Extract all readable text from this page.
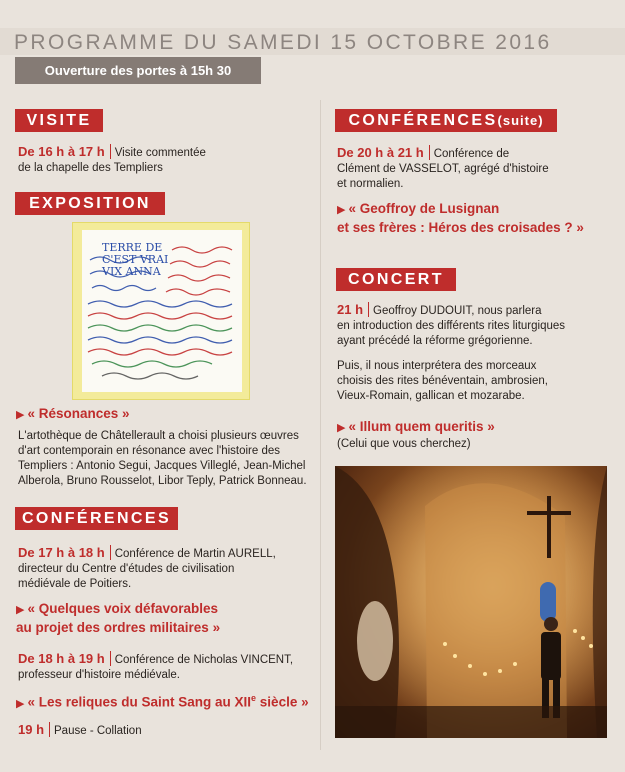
PROGRAMME DU SAMEDI 15 OCTOBRE 2016
Ouverture des portes à 15h 30
VISITE
De 16 h à 17 h Visite commentée
de la chapelle des Templiers
EXPOSITION
TERRE DE
C'EST VRAI
VIX ANNA
▶ « Résonances »
L'artothèque de Châtellerault a choisi plusieurs œuvres
d'art contemporain en résonance avec l'histoire des
Templiers : Antonio Segui, Jacques Villeglé, Jean-Michel
Alberola, Bruno Rousselot, Libor Teply, Patrick Bonneau.
CONFÉRENCES
De 17 h à 18 h Conférence de Martin AURELL,
directeur du Centre d'études de civilisation
médiévale de Poitiers.
▶ « Quelques voix défavorables
au projet des ordres militaires »
De 18 h à 19 h Conférence de Nicholas VINCENT,
professeur d'histoire médiévale.
▶ « Les reliques du Saint Sang au XIIe siècle »
19 h Pause - Collation
CONFÉRENCES(suite)
De 20 h à 21 h Conférence de
Clément de VASSELOT, agrégé d'histoire
et normalien.
▶ « Geoffroy de Lusignan
et ses frères : Héros des croisades ? »
CONCERT
21 h Geoffroy DUDOUIT, nous parlera
en introduction des différents rites liturgiques
ayant précédé la réforme grégorienne.
Puis, il nous interprétera des morceaux
choisis des rites bénéventain, ambrosien,
Vieux-Romain, gallican et mozarabe.
▶ « Illum quem queritis »
(Celui que vous cherchez)
